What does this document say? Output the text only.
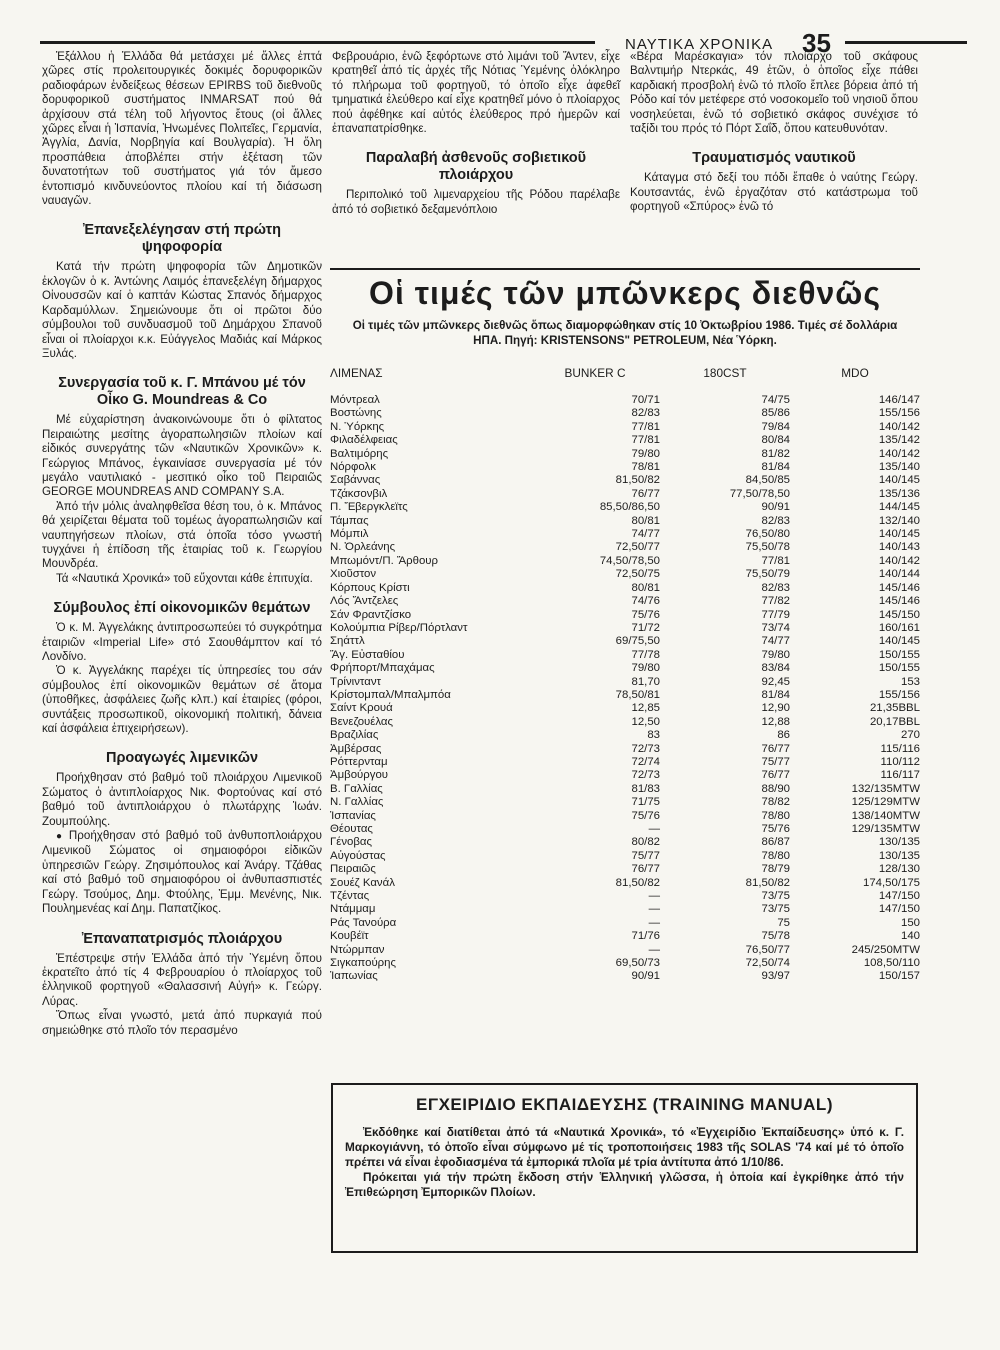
ΝΑΥΤΙΚΑ ΧΡΟΝΙΚΑ 35

Ἐξάλλου ἡ Ἑλλάδα θά μετάσχει μέ ἄλλες ἑπτά χῶρες στίς προλειτουργικές δοκιμές δορυφορικῶν ραδιοφάρων ἐνδείξεως θέσεων EPIRBS τοῦ διεθνοῦς δορυφορικοῦ συστήματος INMARSAT πού θά ἀρχίσουν στά τέλη τοῦ λήγοντος ἔτους (οἱ ἄλλες χῶρες εἶναι ἡ Ἰσπανία, Ἡνωμένες Πολιτεῖες, Γερμανία, Ἀγγλία, Δανία, Νορβηγία καί Βουλγαρία). Ἡ ὅλη προσπάθεια ἀποβλέπει στήν ἐξέταση τῶν δυνατοτήτων τοῦ συστήματος γιά τόν ἄμεσο ἐντοπισμό κινδυνεύοντος πλοίου καί τή διάσωση ναυαγῶν.

Ἐπανεξελέγησαν στή πρώτη ψηφοφορία

Κατά τήν πρώτη ψηφοφορία τῶν Δημοτικῶν ἐκλογῶν ὁ κ. Ἀντώνης Λαιμός ἐπανεξελέγη δήμαρχος Οἰνουσσῶν καί ὁ καπτάν Κώστας Σπανός δήμαρχος Καρδαμύλλων. Σημειώνουμε ὅτι οἱ πρῶτοι δύο σύμβουλοι τοῦ συνδυασμοῦ τοῦ Δημάρχου Σπανοῦ εἶναι οἱ πλοίαρχοι κ.κ. Εὐάγγελος Μαδιάς καί Μάρκος Ξυλάς.

Συνεργασία τοῦ κ. Γ. Μπάνου μέ τόν Οἶκο G. Moundreas & Co

Μέ εὐχαρίστηση ἀνακοινώνουμε ὅτι ὁ φίλτατος Πειραιώτης μεσίτης ἀγοραπωλησιῶν πλοίων καί εἰδικός συνεργάτης τῶν «Ναυτικῶν Χρονικῶν» κ. Γεώργιος Μπάνος, ἐγκαινίασε συνεργασία μέ τόν μεγάλο ναυτιλιακό - μεσιτικό οἶκο τοῦ Πειραιῶς GEORGE MOUNDREAS AND COMPANY S.A.

Ἀπό τήν μόλις ἀναληφθεῖσα θέση του, ὁ κ. Μπάνος θά χειρίζεται θέματα τοῦ τομέως ἀγοραπωλησιῶν καί ναυπηγήσεων πλοίων, στά ὁποῖα τόσο γνωστή τυγχάνει ἡ ἐπίδοση τῆς ἑταιρίας τοῦ κ. Γεωργίου Μουνδρέα.

Τά «Ναυτικά Χρονικά» τοῦ εὔχονται κάθε ἐπιτυχία.

Σύμβουλος ἐπί οἰκονομικῶν θεμάτων

Ὁ κ. Μ. Ἀγγελάκης ἀντιπροσωπεύει τό συγκρότημα ἑταιριῶν «Imperial Life» στό Σαουθάμπτον καί τό Λονδίνο.

Ὁ κ. Ἀγγελάκης παρέχει τίς ὑπηρεσίες του σάν σύμβουλος ἐπί οἰκονομικῶν θεμάτων σέ ἄτομα (ὑποθῆκες, ἀσφάλειες ζωῆς κλπ.) καί ἑταιρίες (φόροι, συντάξεις προσωπικοῦ, οἰκονομική πολιτική, δάνεια καί ἀσφάλεια ἐπιχειρήσεων).

Προαγωγές λιμενικῶν

Προήχθησαν στό βαθμό τοῦ πλοιάρχου Λιμενικοῦ Σώματος ὁ ἀντιπλοίαρχος Νικ. Φορτούνας καί στό βαθμό τοῦ ἀντιπλοιάρχου ὁ πλωτάρχης Ἰωάν. Ζουμπούλης.

● Προήχθησαν στό βαθμό τοῦ ἀνθυποπλοιάρχου Λιμενικοῦ Σώματος οἱ σημαιοφόροι εἰδικῶν ὑπηρεσιῶν Γεώργ. Ζησιμόπουλος καί Ἀνάργ. Τζάθας καί στό βαθμό τοῦ σημαιοφόρου οἱ ἀνθυπασπιστές Γεώργ. Τσούμος, Δημ. Φτούλης, Ἐμμ. Μενένης, Νικ. Πουλημενέας καί Δημ. Παπατζίκος.

Ἐπαναπατρισμός πλοιάρχου

Ἐπέστρεψε στήν Ἑλλάδα ἀπό τήν Ὑεμένη ὅπου ἐκρατεῖτο ἀπό τίς 4 Φεβρουαρίου ὁ πλοίαρχος τοῦ ἑλληνικοῦ φορτηγοῦ «Θαλασσινή Αὐγή» κ. Γεώργ. Λύρας.

Ὅπως εἶναι γνωστό, μετά ἀπό πυρκαγιά πού σημειώθηκε στό πλοῖο τόν περασμένο

Φεβρουάριο, ἐνῶ ξεφόρτωνε στό λιμάνι τοῦ Ἄντεν, εἶχε κρατηθεῖ ἀπό τίς ἀρχές τῆς Νότιας Ὑεμένης ὁλόκληρο τό πλήρωμα τοῦ φορτηγοῦ, τό ὁποῖο εἶχε ἀφεθεῖ τμηματικά ἐλεύθερο καί εἶχε κρατηθεῖ μόνο ὁ πλοίαρχος πού ἀφέθηκε καί αὐτός ἐλεύθερος πρό ἡμερῶν καί ἐπαναπατρίσθηκε.

Παραλαβή ἀσθενοῦς σοβιετικοῦ πλοιάρχου

Περιπολικό τοῦ λιμεναρχείου τῆς Ρόδου παρέλαβε ἀπό τό σοβιετικό δεξαμενόπλοιο

«Βέρα Μαρέσκαγια» τόν πλοίαρχο τοῦ σκάφους Βαλντιμήρ Ντερκάς, 49 ἐτῶν, ὁ ὁποῖος εἶχε πάθει καρδιακή προσβολή ἐνῶ τό πλοῖο ἔπλεε βόρεια ἀπό τή Ρόδο καί τόν μετέφερε στό νοσοκομεῖο τοῦ νησιοῦ ὅπου νοσηλεύεται, ἐνῶ τό σοβιετικό σκάφος συνέχισε τό ταξίδι του πρός τό Πόρτ Σαΐδ, ὅπου κατευθυνόταν.

Τραυματισμός ναυτικοῦ

Κάταγμα στό δεξί του πόδι ἔπαθε ὁ ναύτης Γεώργ. Κουτσαντάς, ἐνῶ ἐργαζόταν στό κατάστρωμα τοῦ φορτηγοῦ «Σπύρος» ἐνῶ τό

Οἱ τιμές τῶν μπῶνκερς διεθνῶς
Οἱ τιμές τῶν μπῶνκερς διεθνῶς ὅπως διαμορφώθηκαν στίς 10 Ὀκτωβρίου 1986. Τιμές σέ δολλάρια ΗΠΑ. Πηγή: KRISTENSONS" PETROLEUM, Νέα Ὑόρκη.
ΛΙΜΕΝΑΣ	BUNKER C	180CST	MDO
Μόντρεαλ	70/71	74/75	146/147
Βοστώνης	82/83	85/86	155/156
Ν. Ὑόρκης	77/81	79/84	140/142
Φιλαδέλφειας	77/81	80/84	135/142
Βαλτιμόρης	79/80	81/82	140/142
Νόρφολκ	78/81	81/84	135/140
Σαβάννας	81,50/82	84,50/85	140/145
Τζάκσονβιλ	76/77	77,50/78,50	135/136
Π. Ἔβεργκλεϊτς	85,50/86,50	90/91	144/145
Τάμπας	80/81	82/83	132/140
Μόμπιλ	74/77	76,50/80	140/145
Ν. Ὀρλεάνης	72,50/77	75,50/78	140/143
Μπωμόντ/Π. Ἄρθουρ	74,50/78,50	77/81	140/142
Χιοῦστον	72,50/75	75,50/79	140/144
Κόρπους Κρίστι	80/81	82/83	145/146
Λός Ἄντζελες	74/76	77/82	145/146
Σάν Φραντζίσκο	75/76	77/79	145/150
Κολούμπια Ρίβερ/Πόρτλαντ	71/72	73/74	160/161
Σηάττλ	69/75,50	74/77	140/145
Ἅγ. Εὐσταθίου	77/78	79/80	150/155
Φρήπορτ/Μπαχάμας	79/80	83/84	150/155
Τρίνινταντ	81,70	92,45	153
Κρίστομπαλ/Μπαλμπόα	78,50/81	81/84	155/156
Σαίντ Κρουά	12,85	12,90	21,35BBL
Βενεζουέλας	12,50	12,88	20,17BBL
Βραζιλίας	83	86	270
Ἀμβέρσας	72/73	76/77	115/116
Ρόττερνταμ	72/74	75/77	110/112
Ἀμβούργου	72/73	76/77	116/117
Β. Γαλλίας	81/83	88/90	132/135MTW
Ν. Γαλλίας	71/75	78/82	125/129MTW
Ἰσπανίας	75/76	78/80	138/140MTW
Θέουτας	—	75/76	129/135MTW
Γένοβας	80/82	86/87	130/135
Αὐγούστας	75/77	78/80	130/135
Πειραιῶς	76/77	78/79	128/130
Σουέζ Κανάλ	81,50/82	81,50/82	174,50/175
Τζέντας	—	73/75	147/150
Ντάμμαμ	—	73/75	147/150
Ράς Τανούρα	—	75	150
Κουβέϊτ	71/76	75/78	140
Ντώρμπαν	—	76,50/77	245/250MTW
Σιγκαπούρης	69,50/73	72,50/74	108,50/110
Ἰαπωνίας	90/91	93/97	150/157
ΕΓΧΕΙΡΙΔΙΟ ΕΚΠΑΙΔΕΥΣΗΣ (TRAINING MANUAL)

Ἐκδόθηκε καί διατίθεται ἀπό τά «Ναυτικά Χρονικά», τό «Ἐγχειρίδιο Ἐκπαίδευσης» ὑπό κ. Γ. Μαρκογιάννη, τό ὁποῖο εἶναι σύμφωνο μέ τίς τροποποιήσεις 1983 τῆς SOLAS '74 καί μέ τό ὁποῖο πρέπει νά εἶναι ἐφοδιασμένα τά ἐμπορικά πλοῖα μέ τρία ἀντίτυπα ἀπό 1/10/86.

Πρόκειται γιά τήν πρώτη ἔκδοση στήν Ἑλληνική γλῶσσα, ἡ ὁποία καί ἐγκρίθηκε ἀπό τήν Ἐπιθεώρηση Ἐμπορικῶν Πλοίων.
